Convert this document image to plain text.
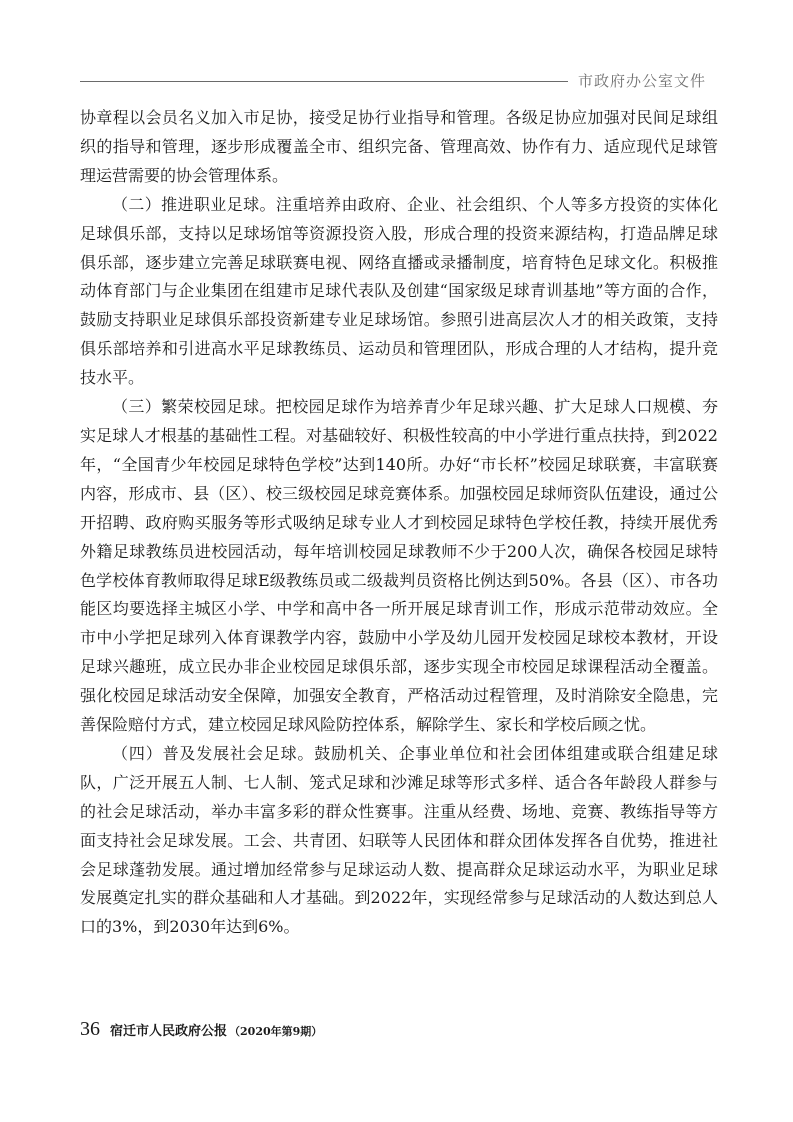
市政府办公室文件

协章程以会员名义加入市足协，接受足协行业指导和管理。各级足协应加强对民间足球组织的指导和管理，逐步形成覆盖全市、组织完备、管理高效、协作有力、适应现代足球管理运营需要的协会管理体系。

（二）推进职业足球。注重培养由政府、企业、社会组织、个人等多方投资的实体化足球俱乐部，支持以足球场馆等资源投资入股，形成合理的投资来源结构，打造品牌足球俱乐部，逐步建立完善足球联赛电视、网络直播或录播制度，培育特色足球文化。积极推动体育部门与企业集团在组建市足球代表队及创建“国家级足球青训基地”等方面的合作，鼓励支持职业足球俱乐部投资新建专业足球场馆。参照引进高层次人才的相关政策，支持俱乐部培养和引进高水平足球教练员、运动员和管理团队，形成合理的人才结构，提升竞技水平。

（三）繁荣校园足球。把校园足球作为培养青少年足球兴趣、扩大足球人口规模、夯实足球人才根基的基础性工程。对基础较好、积极性较高的中小学进行重点扶持，到2022年，“全国青少年校园足球特色学校”达到140所。办好“市长杯”校园足球联赛，丰富联赛内容，形成市、县（区）、校三级校园足球竞赛体系。加强校园足球师资队伍建设，通过公开招聘、政府购买服务等形式吸纳足球专业人才到校园足球特色学校任教，持续开展优秀外籍足球教练员进校园活动，每年培训校园足球教师不少于200人次，确保各校园足球特色学校体育教师取得足球E级教练员或二级裁判员资格比例达到50%。各县（区）、市各功能区均要选择主城区小学、中学和高中各一所开展足球青训工作，形成示范带动效应。全市中小学把足球列入体育课教学内容，鼓励中小学及幼儿园开发校园足球校本教材，开设足球兴趣班，成立民办非企业校园足球俱乐部，逐步实现全市校园足球课程活动全覆盖。强化校园足球活动安全保障，加强安全教育，严格活动过程管理，及时消除安全隐患，完善保险赔付方式，建立校园足球风险防控体系，解除学生、家长和学校后顾之忧。

（四）普及发展社会足球。鼓励机关、企事业单位和社会团体组建或联合组建足球队，广泛开展五人制、七人制、笼式足球和沙滩足球等形式多样、适合各年龄段人群参与的社会足球活动，举办丰富多彩的群众性赛事。注重从经费、场地、竞赛、教练指导等方面支持社会足球发展。工会、共青团、妇联等人民团体和群众团体发挥各自优势，推进社会足球蓬勃发展。通过增加经常参与足球运动人数、提高群众足球运动水平，为职业足球发展奠定扎实的群众基础和人才基础。到2022年，实现经常参与足球活动的人数达到总人口的3%，到2030年达到6%。

36 宿迁市人民政府公报 （2020年第9期）
